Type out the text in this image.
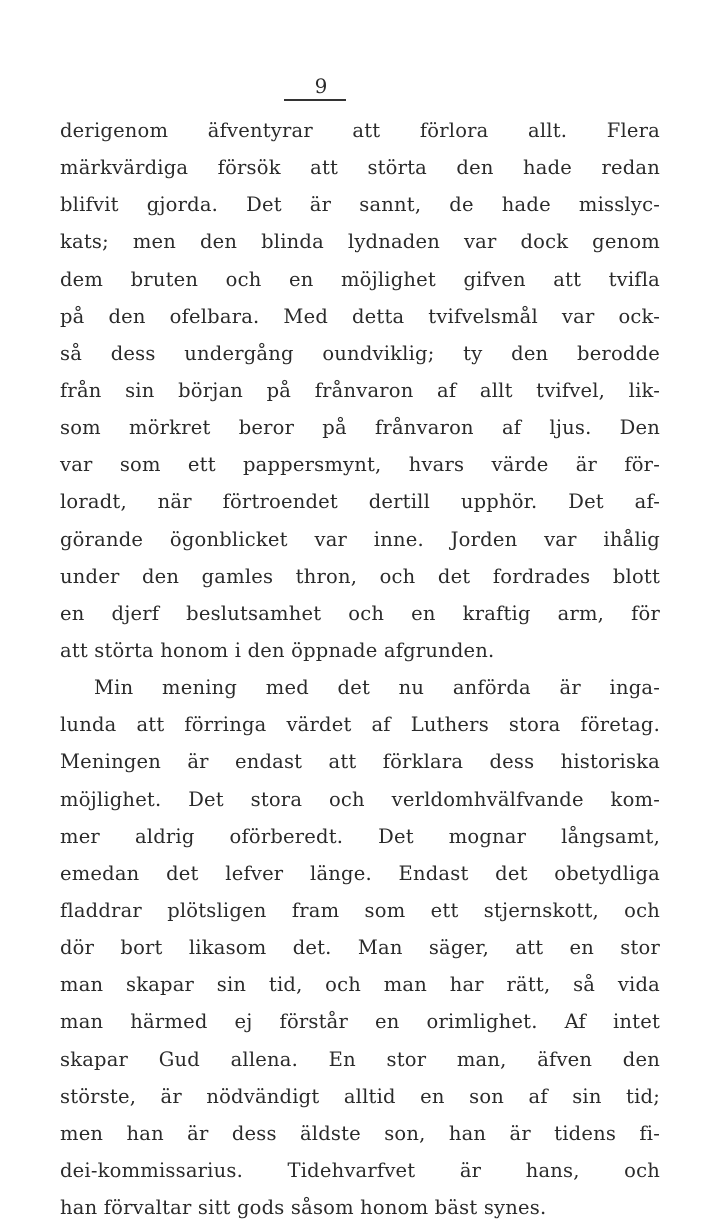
9
derigenom äfventyrar att förlora allt. Flera
märkvärdiga försök att störta den hade redan
blifvit gjorda. Det är sannt, de hade misslyc-
kats; men den blinda lydnaden var dock genom
dem bruten och en möjlighet gifven att tvifla
på den ofelbara. Med detta tvifvelsmål var ock-
så dess undergång oundviklig; ty den berodde
från sin början på frånvaron af allt tvifvel, lik-
som mörkret beror på frånvaron af ljus. Den
var som ett pappersmynt, hvars värde är för-
loradt, när förtroendet dertill upphör. Det af-
görande ögonblicket var inne. Jorden var ihålig
under den gamles thron, och det fordrades blott
en djerf beslutsamhet och en kraftig arm, för
att störta honom i den öppnade afgrunden.
Min mening med det nu anförda är inga-
lunda att förringa värdet af Luthers stora företag.
Meningen är endast att förklara dess historiska
möjlighet. Det stora och verldomhvälfvande kom-
mer aldrig oförberedt. Det mognar långsamt,
emedan det lefver länge. Endast det obetydliga
fladdrar plötsligen fram som ett stjernskott, och
dör bort likasom det. Man säger, att en stor
man skapar sin tid, och man har rätt, så vida
man härmed ej förstår en orimlighet. Af intet
skapar Gud allena. En stor man, äfven den
störste, är nödvändigt alltid en son af sin tid;
men han är dess äldste son, han är tidens fi-
dei-kommissarius. Tidehvarfvet är hans, och
han förvaltar sitt gods såsom honom bäst synes.
